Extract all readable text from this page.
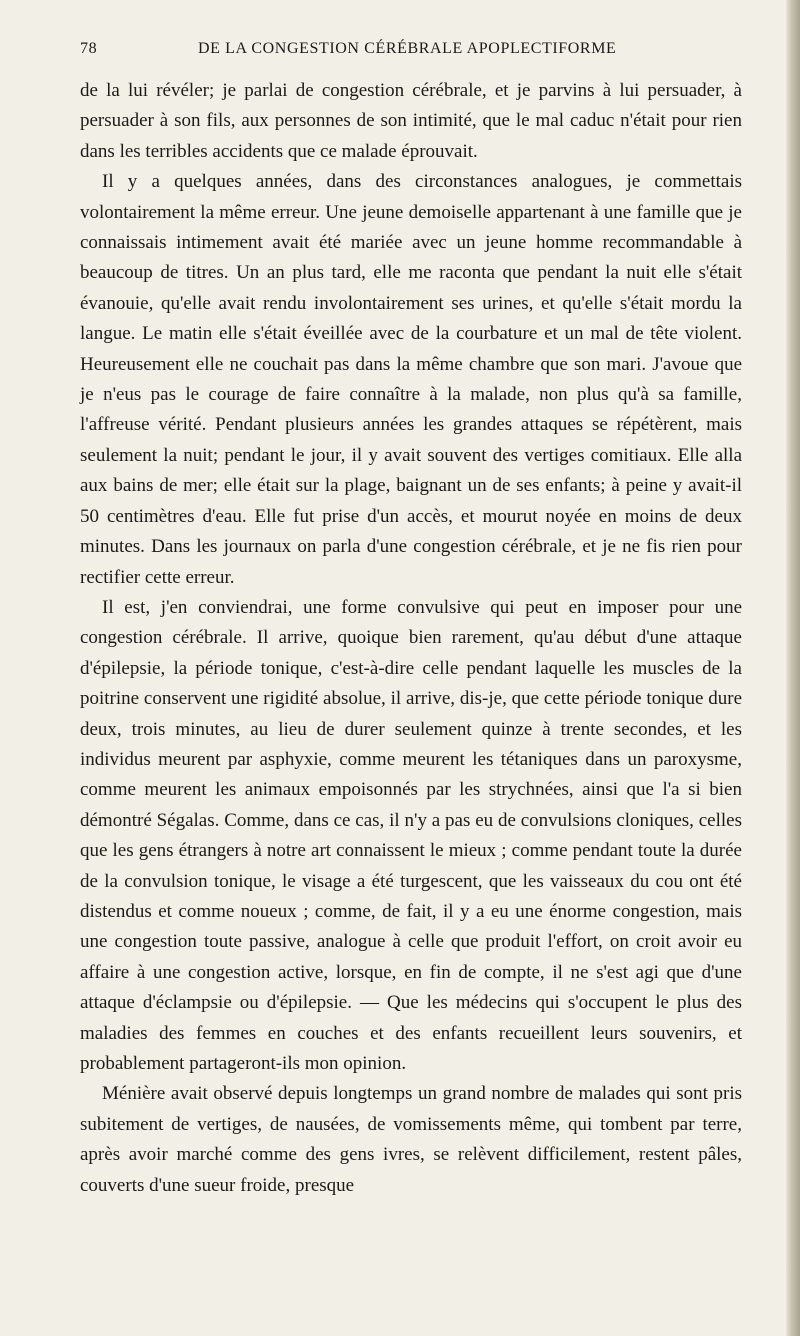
78	DE LA CONGESTION CÉRÉBRALE APOPLECTIFORME

de la lui révéler; je parlai de congestion cérébrale, et je parvins à lui persuader, à persuader à son fils, aux personnes de son intimité, que le mal caduc n'était pour rien dans les terribles accidents que ce malade éprouvait.

Il y a quelques années, dans des circonstances analogues, je commettais volontairement la même erreur. Une jeune demoiselle appartenant à une famille que je connaissais intimement avait été mariée avec un jeune homme recommandable à beaucoup de titres. Un an plus tard, elle me raconta que pendant la nuit elle s'était évanouie, qu'elle avait rendu involontairement ses urines, et qu'elle s'était mordu la langue. Le matin elle s'était éveillée avec de la courbature et un mal de tête violent. Heureusement elle ne couchait pas dans la même chambre que son mari. J'avoue que je n'eus pas le courage de faire connaître à la malade, non plus qu'à sa famille, l'affreuse vérité. Pendant plusieurs années les grandes attaques se répétèrent, mais seulement la nuit; pendant le jour, il y avait souvent des vertiges comitiaux. Elle alla aux bains de mer; elle était sur la plage, baignant un de ses enfants; à peine y avait-il 50 centimètres d'eau. Elle fut prise d'un accès, et mourut noyée en moins de deux minutes. Dans les journaux on parla d'une congestion cérébrale, et je ne fis rien pour rectifier cette erreur.

Il est, j'en conviendrai, une forme convulsive qui peut en imposer pour une congestion cérébrale. Il arrive, quoique bien rarement, qu'au début d'une attaque d'épilepsie, la période tonique, c'est-à-dire celle pendant laquelle les muscles de la poitrine conservent une rigidité absolue, il arrive, dis-je, que cette période tonique dure deux, trois minutes, au lieu de durer seulement quinze à trente secondes, et les individus meurent par asphyxie, comme meurent les tétaniques dans un paroxysme, comme meurent les animaux empoisonnés par les strychnées, ainsi que l'a si bien démontré Ségalas. Comme, dans ce cas, il n'y a pas eu de convulsions cloniques, celles que les gens étrangers à notre art connaissent le mieux ; comme pendant toute la durée de la convulsion tonique, le visage a été turgescent, que les vaisseaux du cou ont été distendus et comme noueux ; comme, de fait, il y a eu une énorme congestion, mais une congestion toute passive, analogue à celle que produit l'effort, on croit avoir eu affaire à une congestion active, lorsque, en fin de compte, il ne s'est agi que d'une attaque d'éclampsie ou d'épilepsie. — Que les médecins qui s'occupent le plus des maladies des femmes en couches et des enfants recueillent leurs souvenirs, et probablement partageront-ils mon opinion.

Ménière avait observé depuis longtemps un grand nombre de malades qui sont pris subitement de vertiges, de nausées, de vomissements même, qui tombent par terre, après avoir marché comme des gens ivres, se relèvent difficilement, restent pâles, couverts d'une sueur froide, presque
